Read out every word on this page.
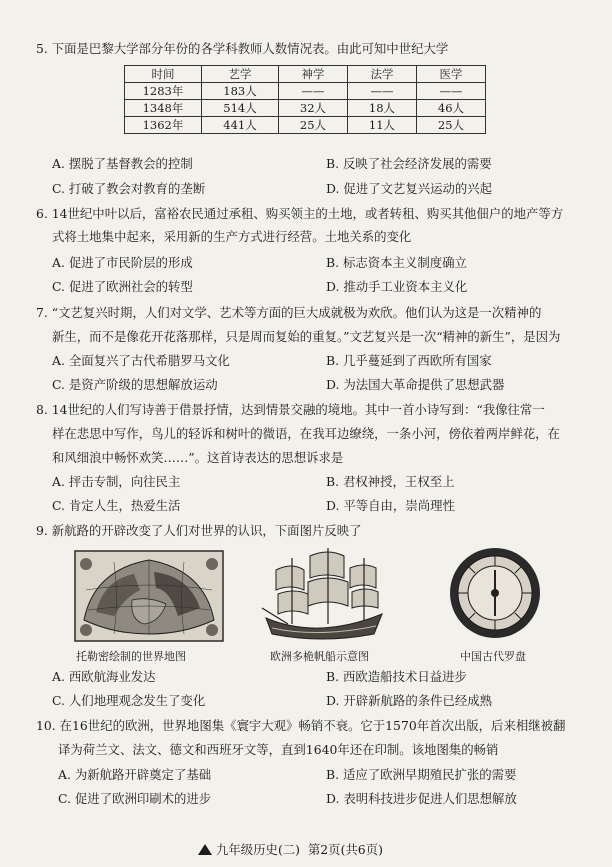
5. 下面是巴黎大学部分年份的各学科教师人数情况表。由此可知中世纪大学
时间	艺学	神学	法学	医学
1283年	183人	——	——	——
1348年	514人	32人	18人	46人
1362年	441人	25人	11人	25人
A. 摆脱了基督教会的控制	B. 反映了社会经济发展的需要
C. 打破了教会对教育的垄断	D. 促进了文艺复兴运动的兴起
6. 14世纪中叶以后，富裕农民通过承租、购买领主的土地，或者转租、购买其他佃户的地产等方
式将土地集中起来，采用新的生产方式进行经营。土地关系的变化
A. 促进了市民阶层的形成	B. 标志资本主义制度确立
C. 促进了欧洲社会的转型	D. 推动手工业资本主义化
7. “文艺复兴时期，人们对文学、艺术等方面的巨大成就极为欢欣。他们认为这是一次精神的
新生，而不是像花开花落那样，只是周而复始的重复。”文艺复兴是一次“精神的新生”，是因为
A. 全面复兴了古代希腊罗马文化	B. 几乎蔓延到了西欧所有国家
C. 是资产阶级的思想解放运动	D. 为法国大革命提供了思想武器
8. 14世纪的人们写诗善于借景抒情，达到情景交融的境地。其中一首小诗写到：“我像往常一
样在悲思中写作，鸟儿的轻诉和树叶的微语，在我耳边缭绕，一条小河，傍依着两岸鲜花，在
和风细浪中畅怀欢笑……”。这首诗表达的思想诉求是
A. 抨击专制，向往民主	B. 君权神授，王权至上
C. 肯定人生，热爱生活	D. 平等自由，崇尚理性
9. 新航路的开辟改变了人们对世界的认识，下面图片反映了
托勒密绘制的世界地图	欧洲多桅帆船示意图	中国古代罗盘
A. 西欧航海业发达	B. 西欧造船技术日益进步
C. 人们地理观念发生了变化	D. 开辟新航路的条件已经成熟
10. 在16世纪的欧洲，世界地图集《寰宇大观》畅销不衰。它于1570年首次出版，后来相继被翻
译为荷兰文、法文、德文和西班牙文等，直到1640年还在印制。该地图集的畅销
A. 为新航路开辟奠定了基础	B. 适应了欧洲早期殖民扩张的需要
C. 促进了欧洲印刷术的进步	D. 表明科技进步促进人们思想解放
九年级历史(二) 第2页(共6页)
